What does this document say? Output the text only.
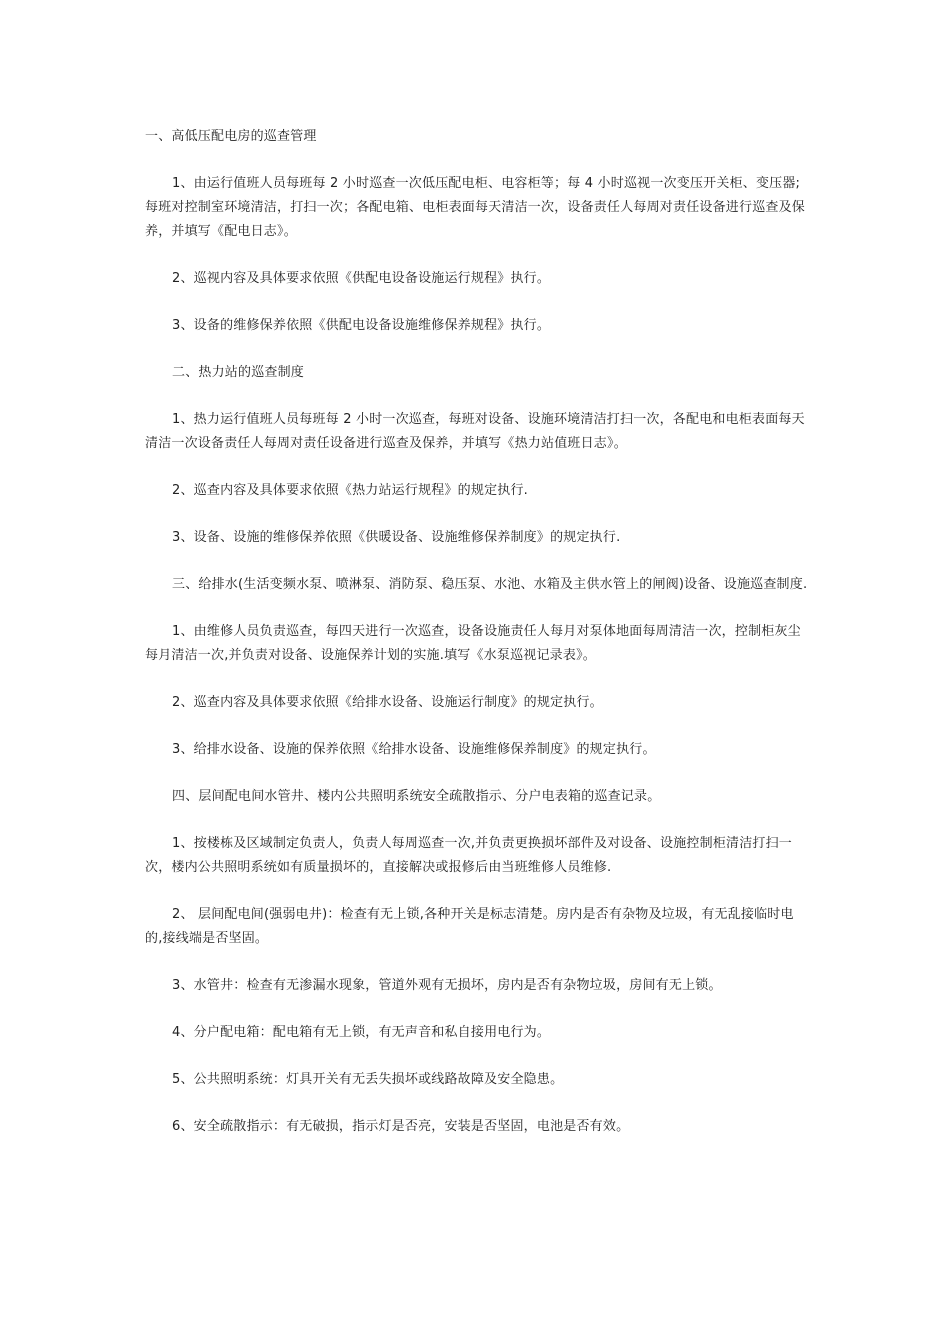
一、高低压配电房的巡查管理

1、由运行值班人员每班每 2 小时巡查一次低压配电柜、电容柜等；每 4 小时巡视一次变压开关柜、变压器;每班对控制室环境清洁，打扫一次；各配电箱、电柜表面每天清洁一次，设备责任人每周对责任设备进行巡查及保养，并填写《配电日志》。

2、巡视内容及具体要求依照《供配电设备设施运行规程》执行。

3、设备的维修保养依照《供配电设备设施维修保养规程》执行。

二、热力站的巡查制度

1、热力运行值班人员每班每 2 小时一次巡查，每班对设备、设施环境清洁打扫一次，各配电和电柜表面每天清洁一次设备责任人每周对责任设备进行巡查及保养，并填写《热力站值班日志》。

2、巡查内容及具体要求依照《热力站运行规程》的规定执行.

3、设备、设施的维修保养依照《供暖设备、设施维修保养制度》的规定执行.

三、给排水(生活变频水泵、喷淋泵、消防泵、稳压泵、水池、水箱及主供水管上的闸阀)设备、设施巡查制度.

1、由维修人员负责巡查，每四天进行一次巡查，设备设施责任人每月对泵体地面每周清洁一次，控制柜灰尘每月清洁一次,并负责对设备、设施保养计划的实施.填写《水泵巡视记录表》。

2、巡查内容及具体要求依照《给排水设备、设施运行制度》的规定执行。

3、给排水设备、设施的保养依照《给排水设备、设施维修保养制度》的规定执行。

四、层间配电间水管井、楼内公共照明系统安全疏散指示、分户电表箱的巡查记录。

1、按楼栋及区域制定负责人，负责人每周巡查一次,并负责更换损坏部件及对设备、设施控制柜清洁打扫一次，楼内公共照明系统如有质量损坏的，直接解决或报修后由当班维修人员维修.

2、 层间配电间(强弱电井)：检查有无上锁,各种开关是标志清楚。房内是否有杂物及垃圾，有无乱接临时电的,接线端是否坚固。

3、水管井：检查有无渗漏水现象，管道外观有无损坏，房内是否有杂物垃圾，房间有无上锁。

4、分户配电箱：配电箱有无上锁，有无声音和私自接用电行为。

5、公共照明系统：灯具开关有无丢失损坏或线路故障及安全隐患。

6、安全疏散指示：有无破损，指示灯是否亮，安装是否坚固，电池是否有效。
